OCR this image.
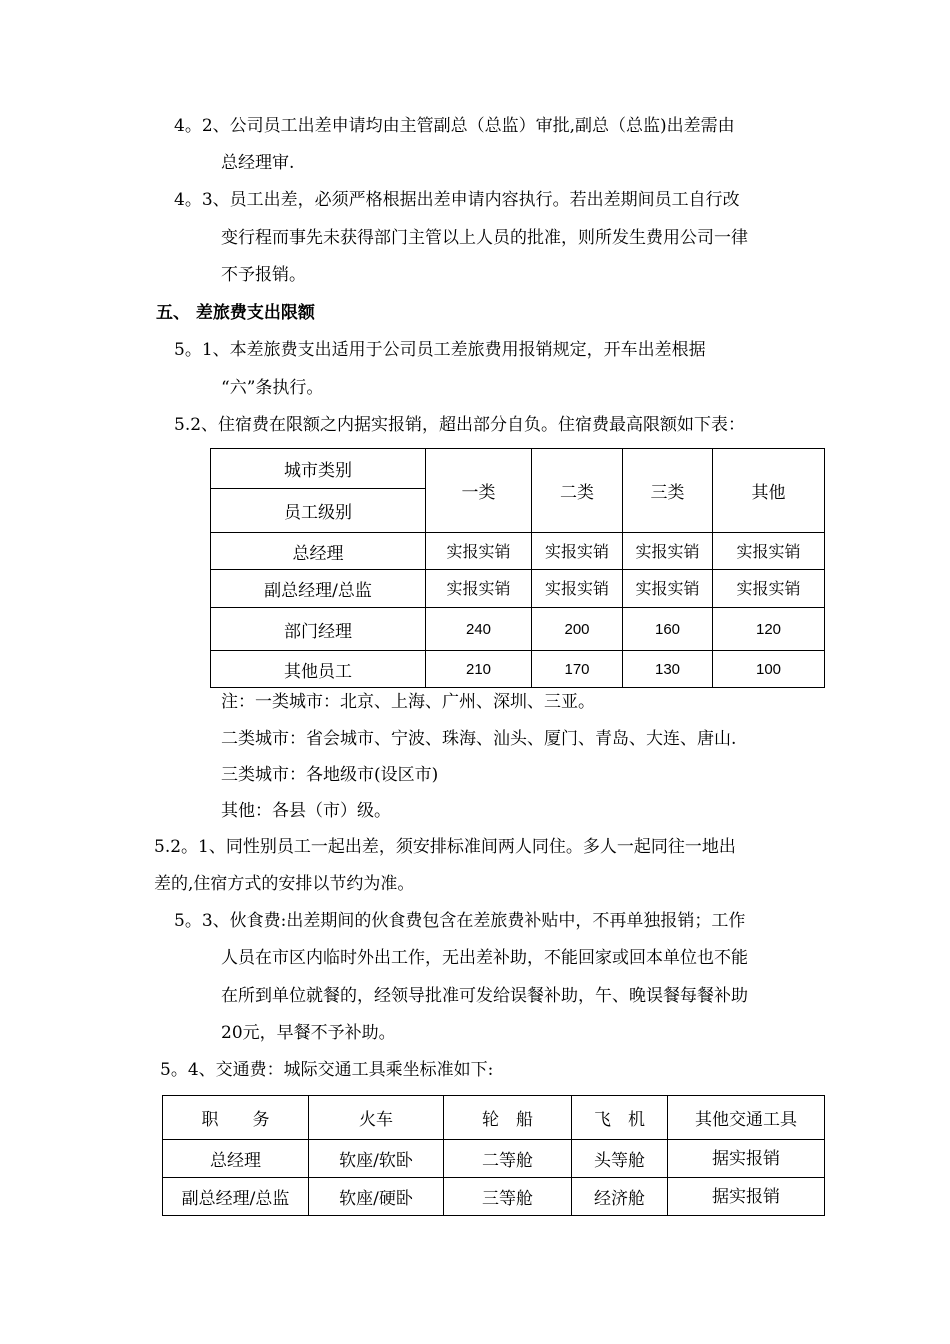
4。2、公司员工出差申请均由主管副总（总监）审批,副总（总监)出差需由
总经理审.
4。3、员工出差，必须严格根据出差申请内容执行。若出差期间员工自行改
变行程而事先未获得部门主管以上人员的批准，则所发生费用公司一律
不予报销。
五、 差旅费支出限额
5。1、本差旅费支出适用于公司员工差旅费用报销规定，开车出差根据
“六”条执行。
5.2、住宿费在限额之内据实报销，超出部分自负。住宿费最高限额如下表：
城市类别	一类	二类	三类	其他
员工级别				
总经理	实报实销	实报实销	实报实销	实报实销
副总经理/总监	实报实销	实报实销	实报实销	实报实销
部门经理	240	200	160	120
其他员工	210	170	130	100
注：一类城市：北京、上海、广州、深圳、三亚。
二类城市：省会城市、宁波、珠海、汕头、厦门、青岛、大连、唐山.
三类城市：各地级市(设区市)
其他：各县（市）级。
5.2。1、同性别员工一起出差，须安排标准间两人同住。多人一起同往一地出
差的,住宿方式的安排以节约为准。
5。3、伙食费:出差期间的伙食费包含在差旅费补贴中，不再单独报销；工作
人员在市区内临时外出工作，无出差补助，不能回家或回本单位也不能
在所到单位就餐的，经领导批准可发给误餐补助，午、晚误餐每餐补助
20元，早餐不予补助。
5。4、交通费：城际交通工具乘坐标准如下:
职　　务	火车	轮　船	飞　机	其他交通工具
总经理	软座/软卧	二等舱	头等舱	据实报销
副总经理/总监	软座/硬卧	三等舱	经济舱	据实报销
